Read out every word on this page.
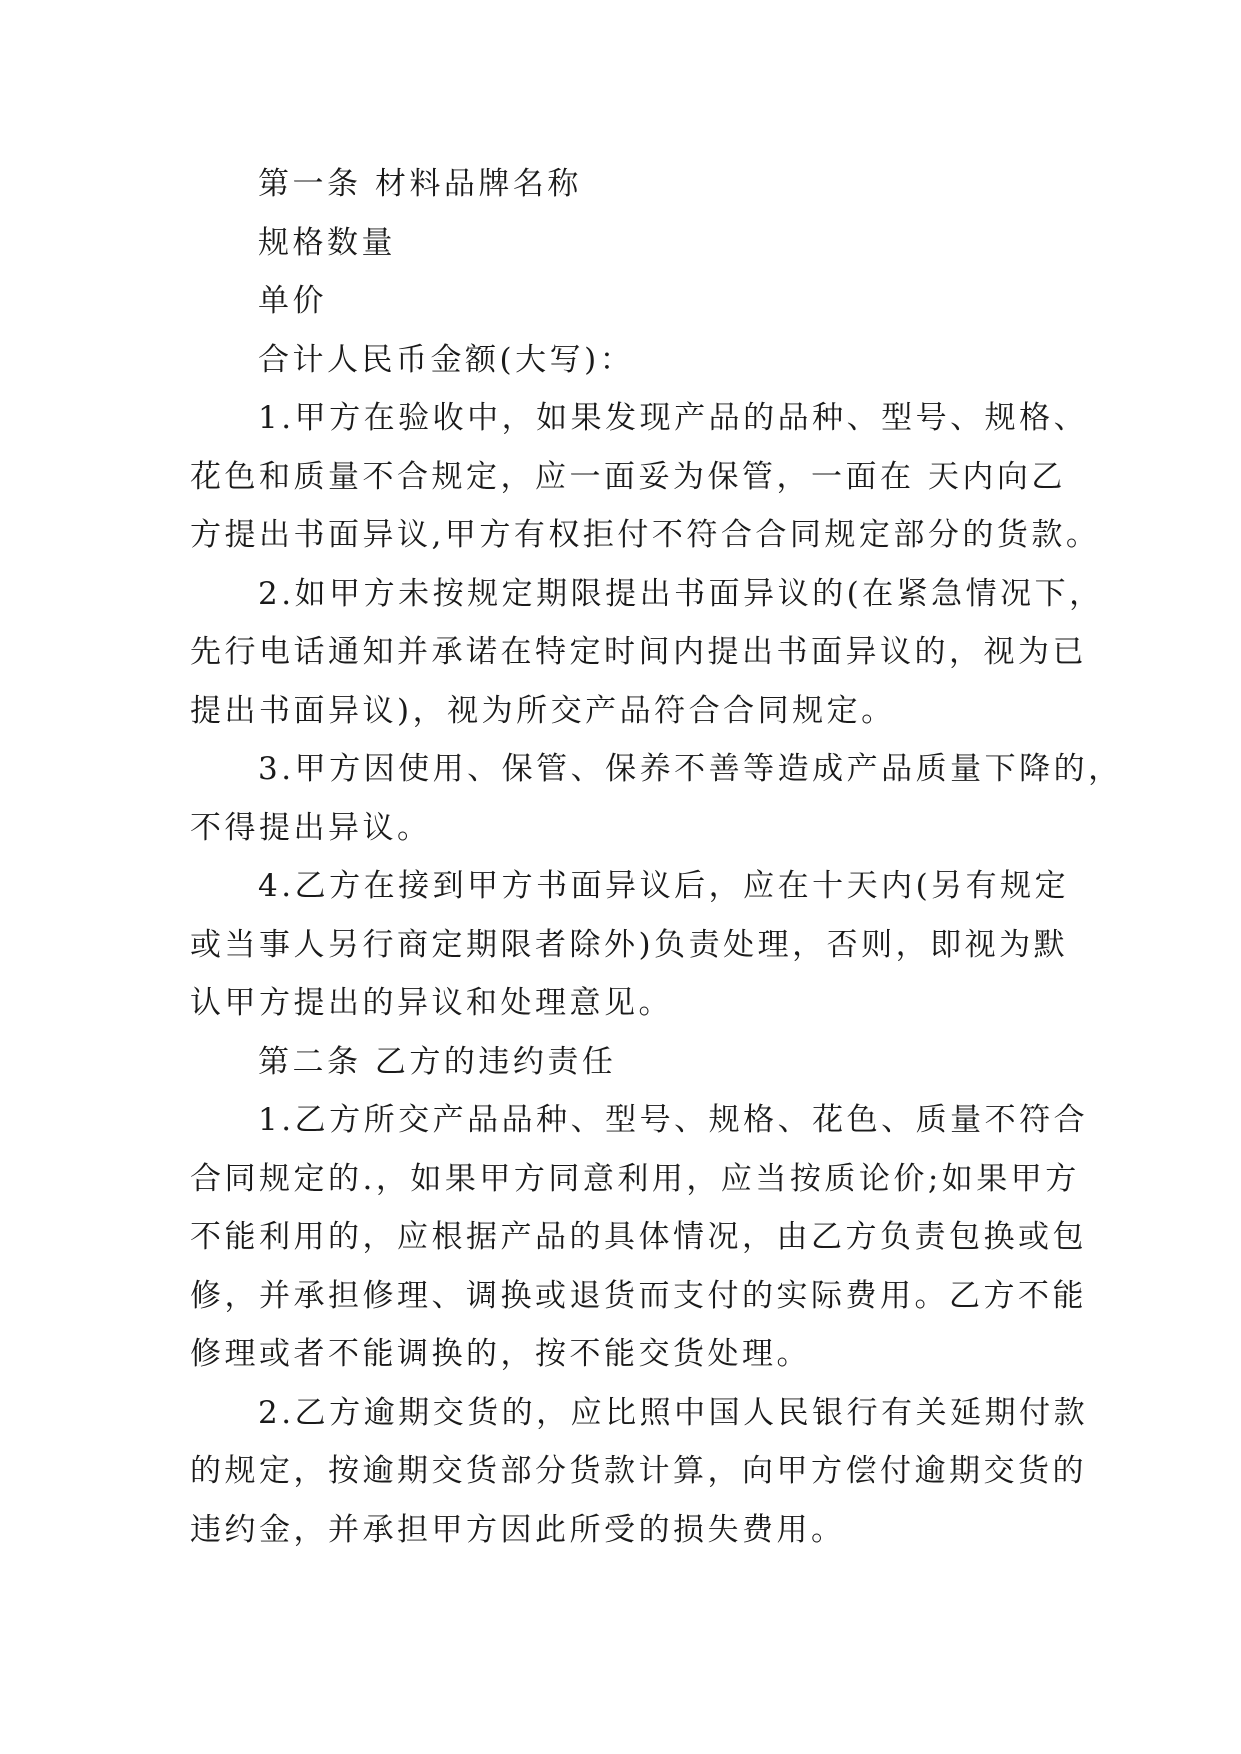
第一条 材料品牌名称
规格数量
单价
合计人民币金额(大写)：
1.甲方在验收中，如果发现产品的品种、型号、规格、
花色和质量不合规定，应一面妥为保管，一面在 天内向乙
方提出书面异议,甲方有权拒付不符合合同规定部分的货款。
2.如甲方未按规定期限提出书面异议的(在紧急情况下，
先行电话通知并承诺在特定时间内提出书面异议的，视为已
提出书面异议)，视为所交产品符合合同规定。
3.甲方因使用、保管、保养不善等造成产品质量下降的，
不得提出异议。
4.乙方在接到甲方书面异议后，应在十天内(另有规定
或当事人另行商定期限者除外)负责处理，否则，即视为默
认甲方提出的异议和处理意见。
第二条 乙方的违约责任
1.乙方所交产品品种、型号、规格、花色、质量不符合
合同规定的.，如果甲方同意利用，应当按质论价;如果甲方
不能利用的，应根据产品的具体情况，由乙方负责包换或包
修，并承担修理、调换或退货而支付的实际费用。乙方不能
修理或者不能调换的，按不能交货处理。
2.乙方逾期交货的，应比照中国人民银行有关延期付款
的规定，按逾期交货部分货款计算，向甲方偿付逾期交货的
违约金，并承担甲方因此所受的损失费用。
